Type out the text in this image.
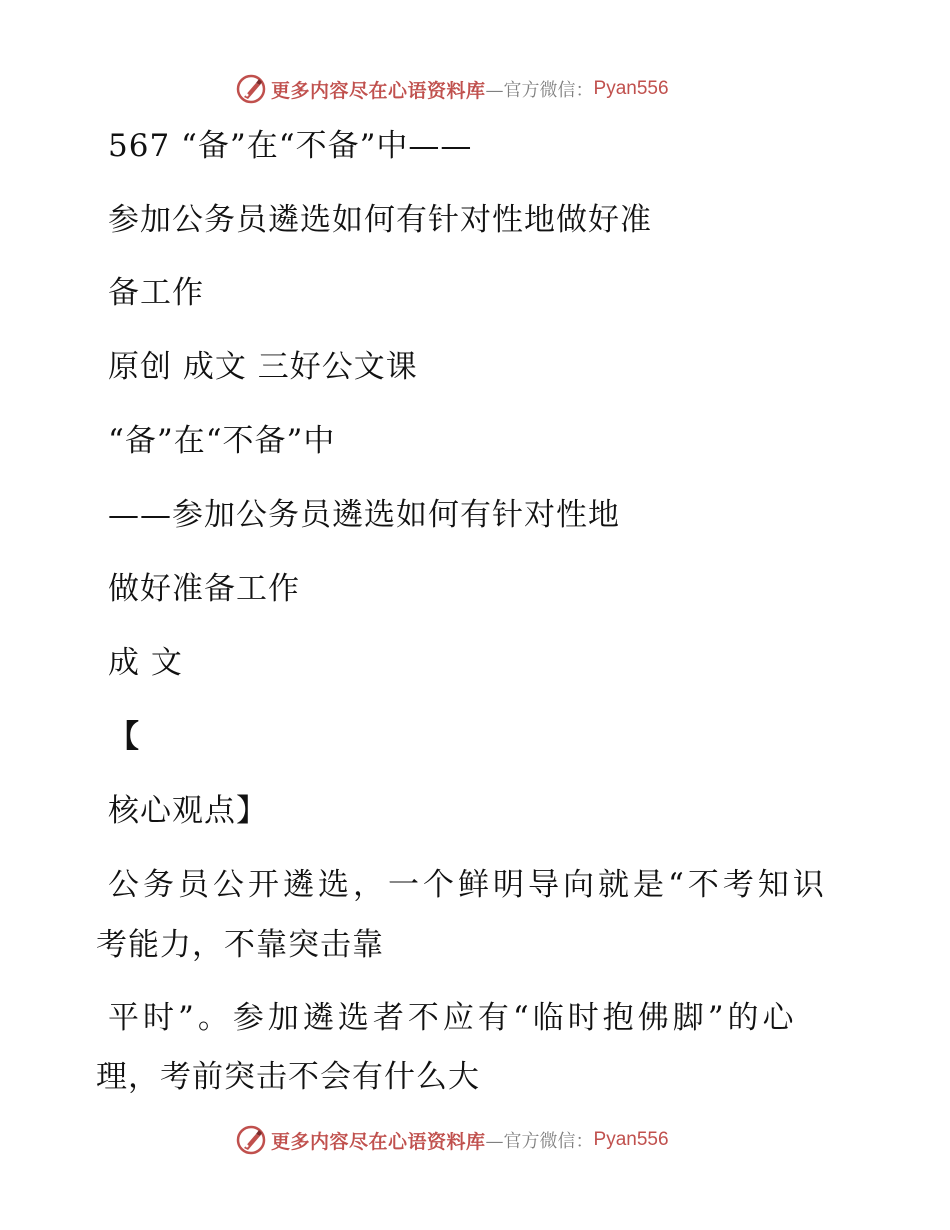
更多内容尽在心语资料库 —官方微信： Pyan556
567 “备”在“不备”中——
参加公务员遴选如何有针对性地做好准
备工作
原创 成文 三好公文课
“备”在“不备”中
——参加公务员遴选如何有针对性地
做好准备工作
成 文
【
核心观点】
公务员公开遴选，一个鲜明导向就是“不考知识
考能力，不靠突击靠
平时”。参加遴选者不应有“临时抱佛脚”的心
理，考前突击不会有什么大
更多内容尽在心语资料库 —官方微信： Pyan556
